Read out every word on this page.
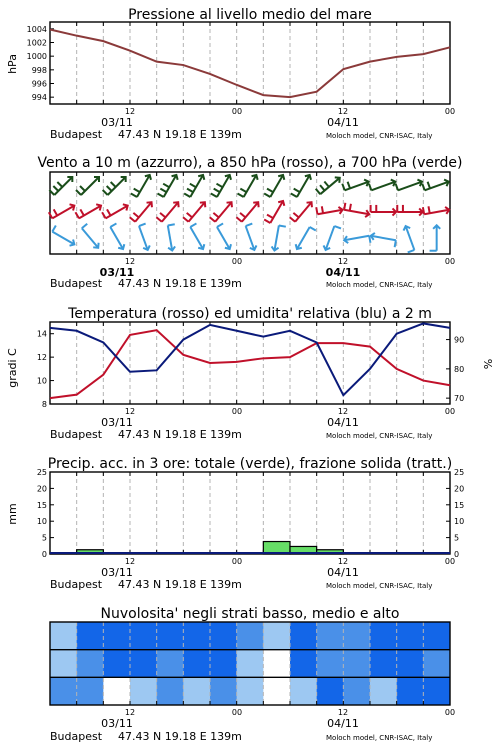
Pressione al livello medio del mare
Vento a 10 m (azzurro), a 850 hPa (rosso), a 700 hPa (verde)
Temperatura (rosso) ed umidita' relativa (blu) a 2 m
Precip. acc. in 3 ore: totale (verde), frazione solida (tratt.)
Nuvolosita' negli strati basso, medio e alto
hPa
gradi C	%
mm
Budapest 47.43 N 19.18 E 139m	Moloch model, CNR-ISAC, Italy
Budapest 47.43 N 19.18 E 139m	Moloch model, CNR-ISAC, Italy
Budapest 47.43 N 19.18 E 139m	Moloch model, CNR-ISAC, Italy
Budapest 47.43 N 19.18 E 139m	Moloch model, CNR-ISAC, Italy
Budapest 47.43 N 19.18 E 139m	Moloch model, CNR-ISAC, Italy
994
996
998
1000
1002
1004
12	00	12	00
03/11	04/11
12	00	12	00
03/11	04/11
8
10
12
14
70
80
90
12	00	12	00
03/11	04/11
0	0
5	5
10	10
15	15
20	20
25	25
12	00	12	00
03/11	04/11
12	00	12	00
03/11	04/11
